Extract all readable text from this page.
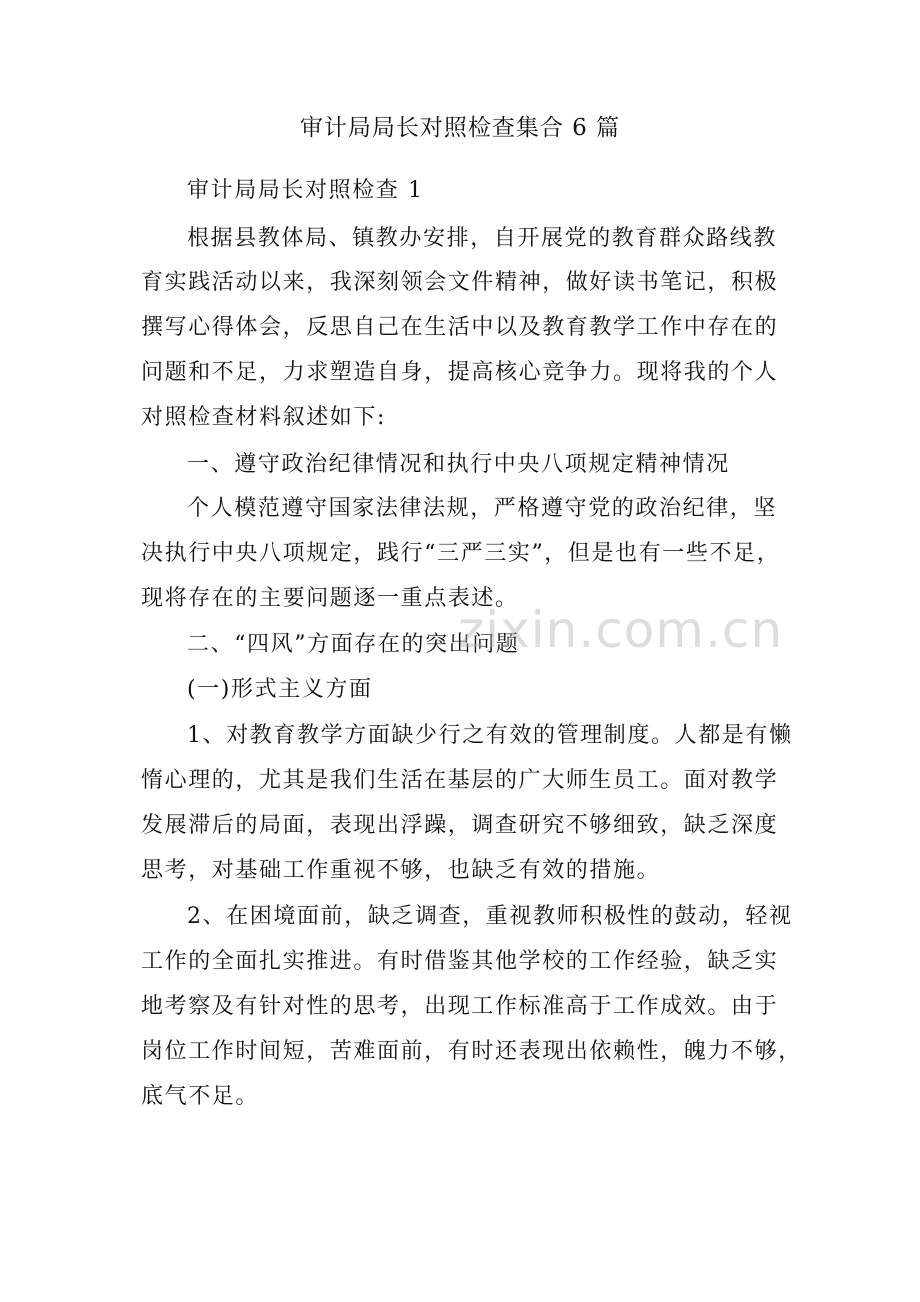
审计局局长对照检查集合 6 篇
审计局局长对照检查 1
根据县教体局、镇教办安排，自开展党的教育群众路线教
育实践活动以来，我深刻领会文件精神，做好读书笔记，积极
撰写心得体会，反思自己在生活中以及教育教学工作中存在的
问题和不足，力求塑造自身，提高核心竞争力。现将我的个人
对照检查材料叙述如下:
一、遵守政治纪律情况和执行中央八项规定精神情况
个人模范遵守国家法律法规，严格遵守党的政治纪律，坚
决执行中央八项规定，践行“三严三实”，但是也有一些不足，
现将存在的主要问题逐一重点表述。
二、“四风”方面存在的突出问题
(一)形式主义方面
1、对教育教学方面缺少行之有效的管理制度。人都是有懒
惰心理的，尤其是我们生活在基层的广大师生员工。面对教学
发展滞后的局面，表现出浮躁，调查研究不够细致，缺乏深度
思考，对基础工作重视不够，也缺乏有效的措施。
2、在困境面前，缺乏调查，重视教师积极性的鼓动，轻视
工作的全面扎实推进。有时借鉴其他学校的工作经验，缺乏实
地考察及有针对性的思考，出现工作标准高于工作成效。由于
岗位工作时间短，苦难面前，有时还表现出依赖性，魄力不够，
底气不足。
zixin.com.cn
